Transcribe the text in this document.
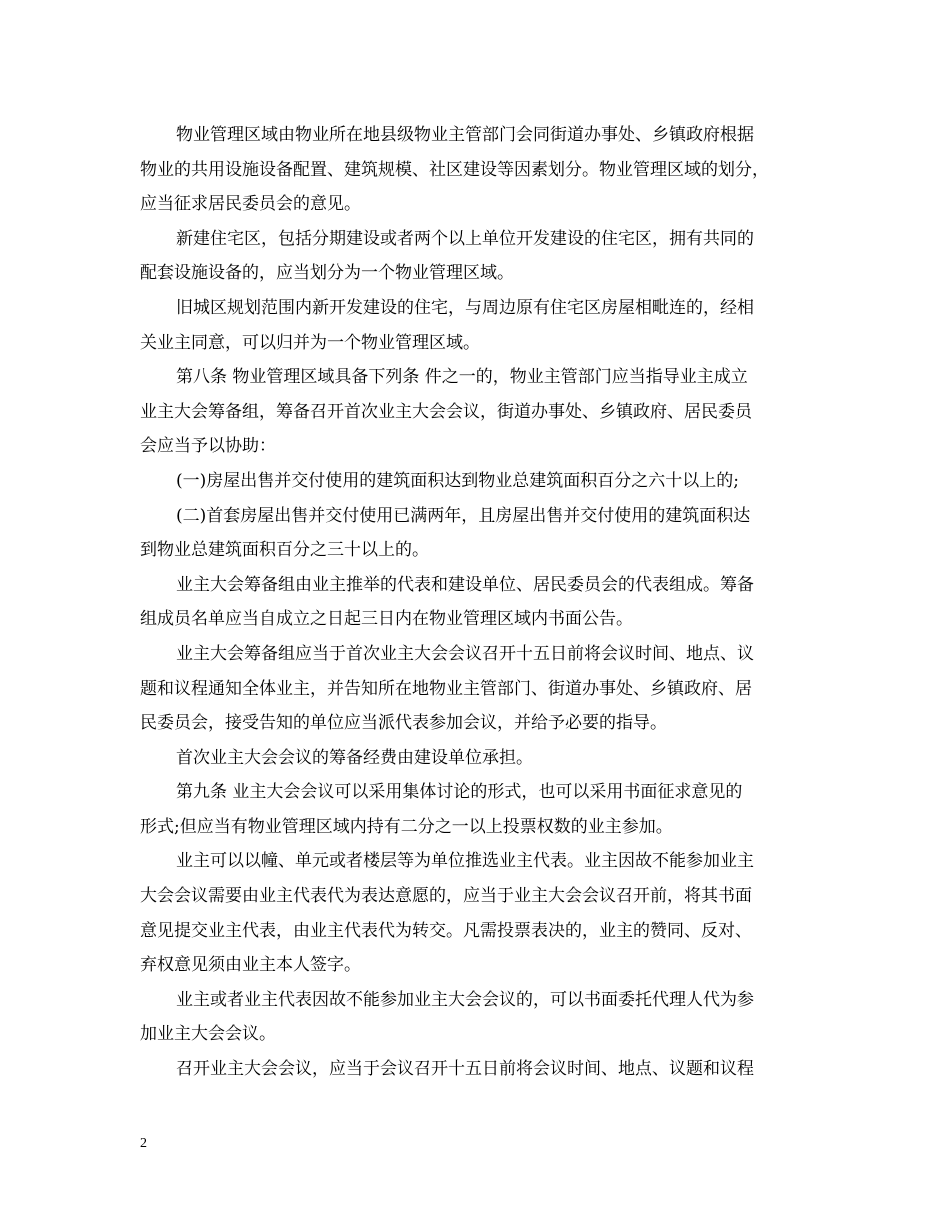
物业管理区域由物业所在地县级物业主管部门会同街道办事处、乡镇政府根据
物业的共用设施设备配置、建筑规模、社区建设等因素划分。物业管理区域的划分，
应当征求居民委员会的意见。
新建住宅区，包括分期建设或者两个以上单位开发建设的住宅区，拥有共同的
配套设施设备的，应当划分为一个物业管理区域。
旧城区规划范围内新开发建设的住宅，与周边原有住宅区房屋相毗连的，经相
关业主同意，可以归并为一个物业管理区域。
第八条 物业管理区域具备下列条 件之一的，物业主管部门应当指导业主成立
业主大会筹备组，筹备召开首次业主大会会议，街道办事处、乡镇政府、居民委员
会应当予以协助：
(一)房屋出售并交付使用的建筑面积达到物业总建筑面积百分之六十以上的;
(二)首套房屋出售并交付使用已满两年，且房屋出售并交付使用的建筑面积达
到物业总建筑面积百分之三十以上的。
业主大会筹备组由业主推举的代表和建设单位、居民委员会的代表组成。筹备
组成员名单应当自成立之日起三日内在物业管理区域内书面公告。
业主大会筹备组应当于首次业主大会会议召开十五日前将会议时间、地点、议
题和议程通知全体业主，并告知所在地物业主管部门、街道办事处、乡镇政府、居
民委员会，接受告知的单位应当派代表参加会议，并给予必要的指导。
首次业主大会会议的筹备经费由建设单位承担。
第九条 业主大会会议可以采用集体讨论的形式，也可以采用书面征求意见的
形式;但应当有物业管理区域内持有二分之一以上投票权数的业主参加。
业主可以以幢、单元或者楼层等为单位推选业主代表。业主因故不能参加业主
大会会议需要由业主代表代为表达意愿的，应当于业主大会会议召开前，将其书面
意见提交业主代表，由业主代表代为转交。凡需投票表决的，业主的赞同、反对、
弃权意见须由业主本人签字。
业主或者业主代表因故不能参加业主大会会议的，可以书面委托代理人代为参
加业主大会会议。
召开业主大会会议，应当于会议召开十五日前将会议时间、地点、议题和议程
2
